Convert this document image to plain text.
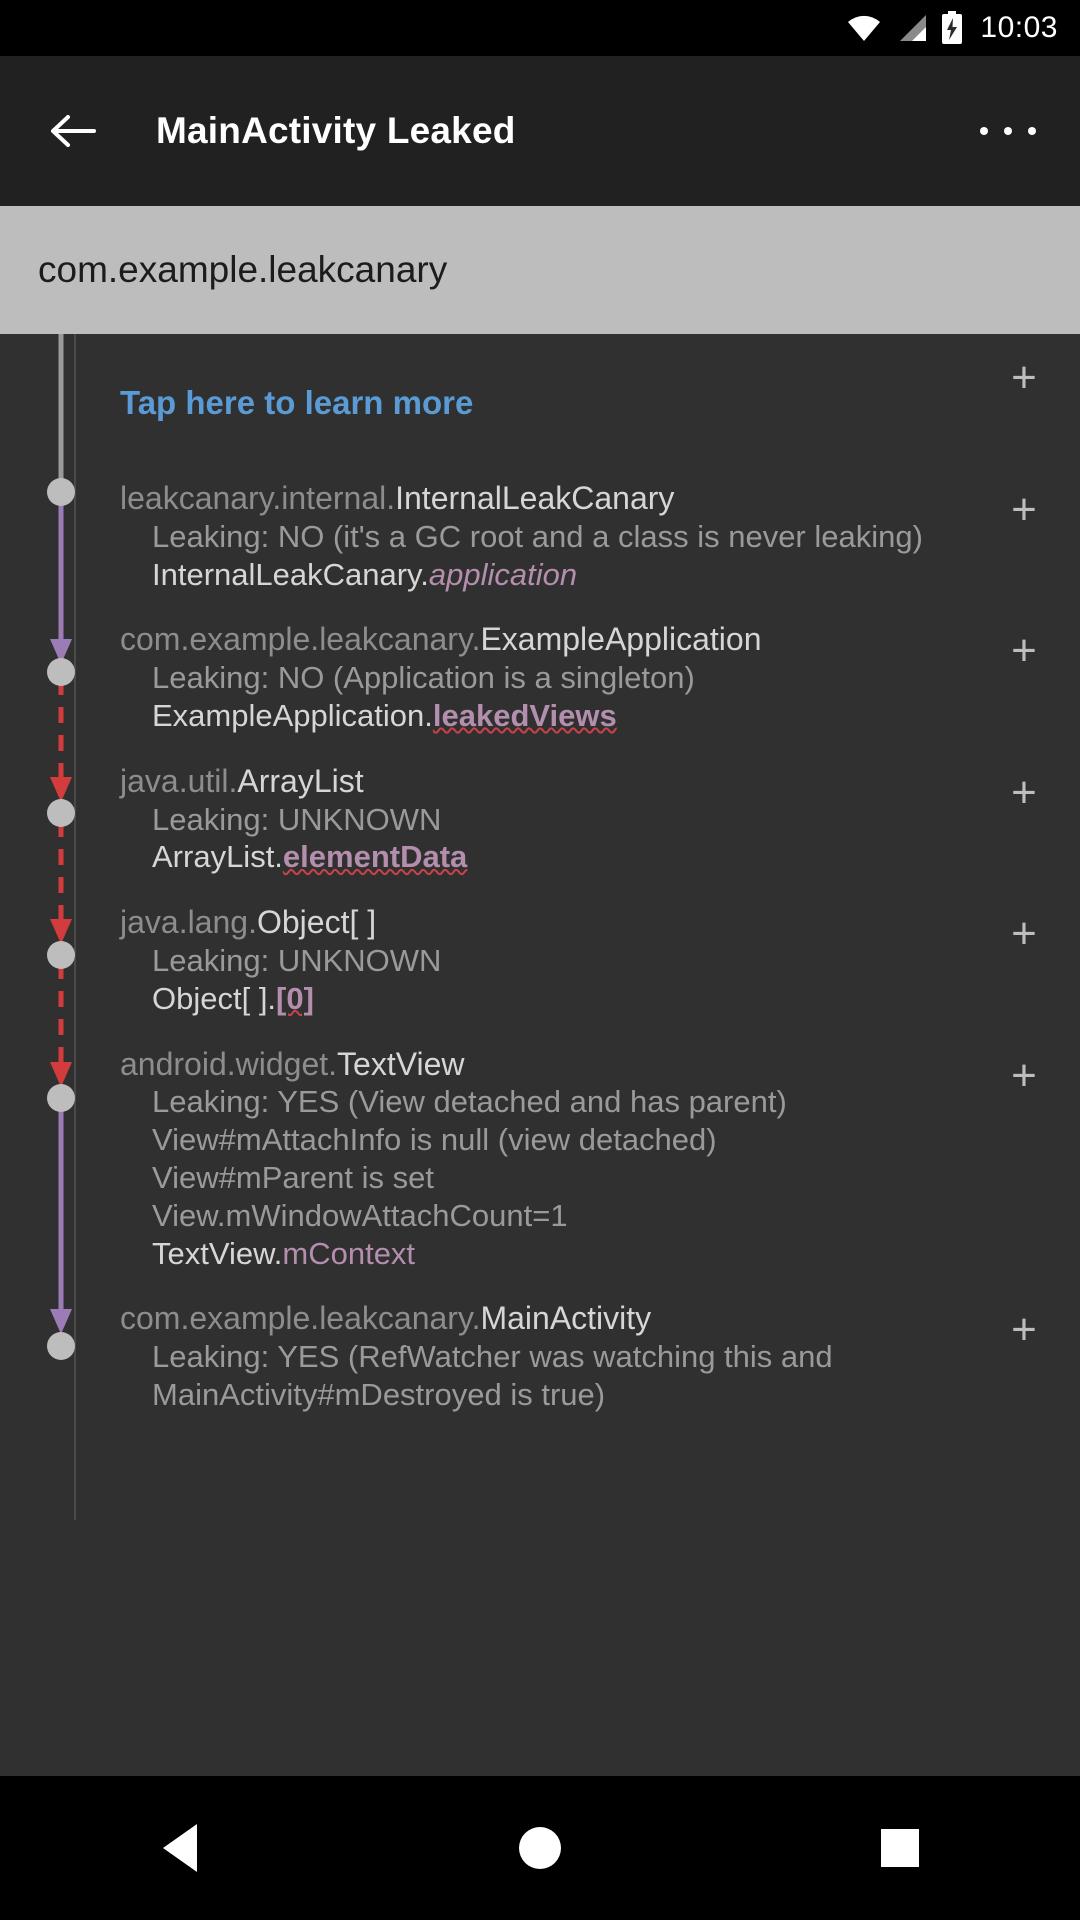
10:03
MainActivity Leaked
com.example.leakcanary
Tap here to learn more
+
leakcanary.internal.InternalLeakCanary
Leaking: NO (it's a GC root and a class is never leaking)
InternalLeakCanary.application
+
com.example.leakcanary.ExampleApplication
Leaking: NO (Application is a singleton)
ExampleApplication.leakedViews
+
java.util.ArrayList
Leaking: UNKNOWN
ArrayList.elementData
+
java.lang.Object[ ]
Leaking: UNKNOWN
Object[ ].[0]
+
android.widget.TextView
Leaking: YES (View detached and has parent)
View#mAttachInfo is null (view detached)
View#mParent is set
View.mWindowAttachCount=1
TextView.mContext
+
com.example.leakcanary.MainActivity
Leaking: YES (RefWatcher was watching this and MainActivity#mDestroyed is true)
+
